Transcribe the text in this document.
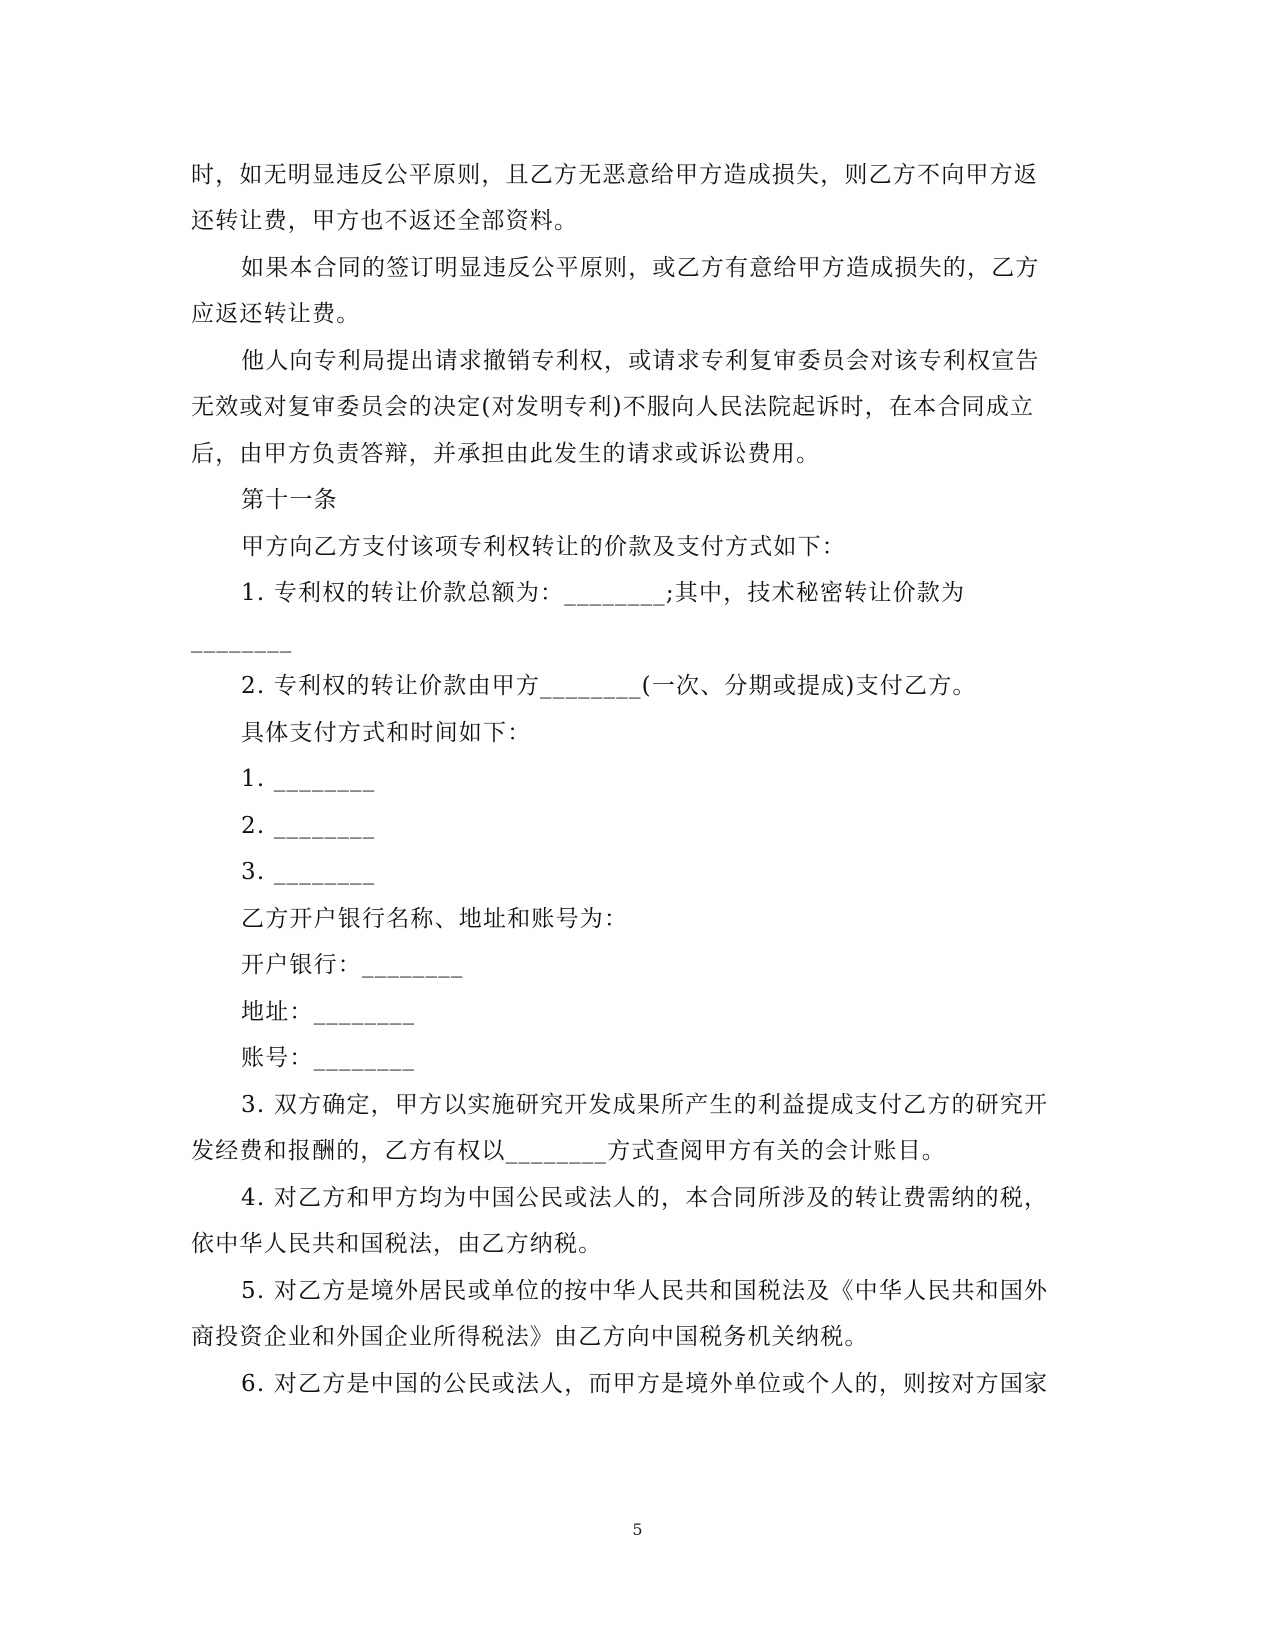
时，如无明显违反公平原则，且乙方无恶意给甲方造成损失，则乙方不向甲方返
还转让费，甲方也不返还全部资料。
如果本合同的签订明显违反公平原则，或乙方有意给甲方造成损失的，乙方
应返还转让费。
他人向专利局提出请求撤销专利权，或请求专利复审委员会对该专利权宣告
无效或对复审委员会的决定(对发明专利)不服向人民法院起诉时，在本合同成立
后，由甲方负责答辩，并承担由此发生的请求或诉讼费用。
第十一条
甲方向乙方支付该项专利权转让的价款及支付方式如下：
1. 专利权的转让价款总额为：________;其中，技术秘密转让价款为
________
2. 专利权的转让价款由甲方________(一次、分期或提成)支付乙方。
具体支付方式和时间如下：
1. ________
2. ________
3. ________
乙方开户银行名称、地址和账号为：
开户银行：________
地址：________
账号：________
3. 双方确定，甲方以实施研究开发成果所产生的利益提成支付乙方的研究开
发经费和报酬的，乙方有权以________方式查阅甲方有关的会计账目。
4. 对乙方和甲方均为中国公民或法人的，本合同所涉及的转让费需纳的税，
依中华人民共和国税法，由乙方纳税。
5. 对乙方是境外居民或单位的按中华人民共和国税法及《中华人民共和国外
商投资企业和外国企业所得税法》由乙方向中国税务机关纳税。
6. 对乙方是中国的公民或法人，而甲方是境外单位或个人的，则按对方国家
5
